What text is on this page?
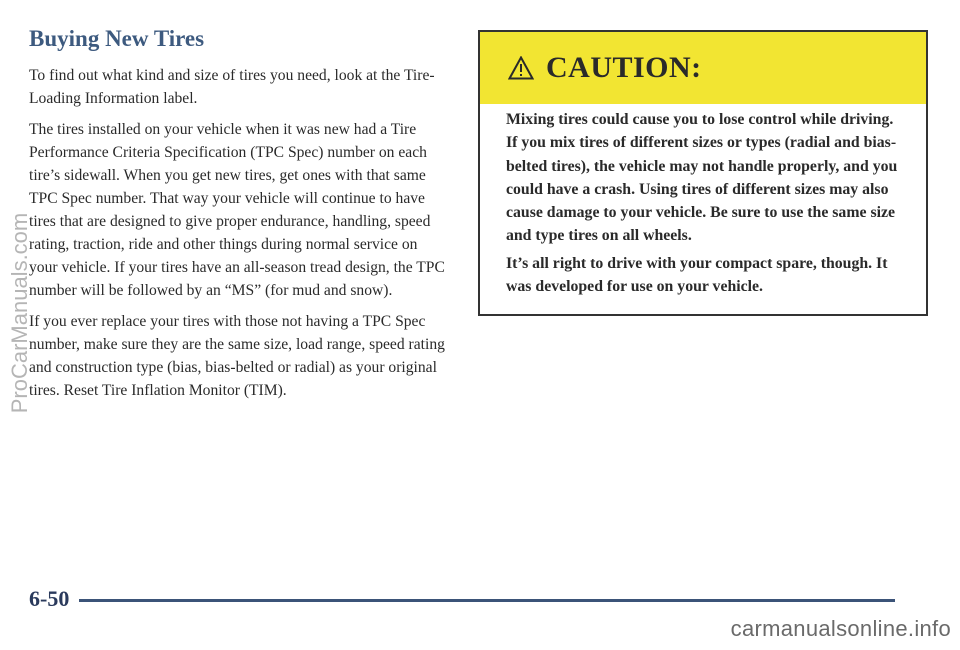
Buying New Tires

To find out what kind and size of tires you need, look at the Tire-Loading Information label.

The tires installed on your vehicle when it was new had a Tire Performance Criteria Specification (TPC Spec) number on each tire’s sidewall. When you get new tires, get ones with that same TPC Spec number. That way your vehicle will continue to have tires that are designed to give proper endurance, handling, speed rating, traction, ride and other things during normal service on your vehicle. If your tires have an all-season tread design, the TPC number will be followed by an “MS” (for mud and snow).

If you ever replace your tires with those not having a TPC Spec number, make sure they are the same size, load range, speed rating and construction type (bias, bias-belted or radial) as your original tires. Reset Tire Inflation Monitor (TIM).

CAUTION:

Mixing tires could cause you to lose control while driving. If you mix tires of different sizes or types (radial and bias-belted tires), the vehicle may not handle properly, and you could have a crash. Using tires of different sizes may also cause damage to your vehicle. Be sure to use the same size and type tires on all wheels.

It’s all right to drive with your compact spare, though. It was developed for use on your vehicle.

6-50
ProCarManuals.com
carmanualsonline.info
